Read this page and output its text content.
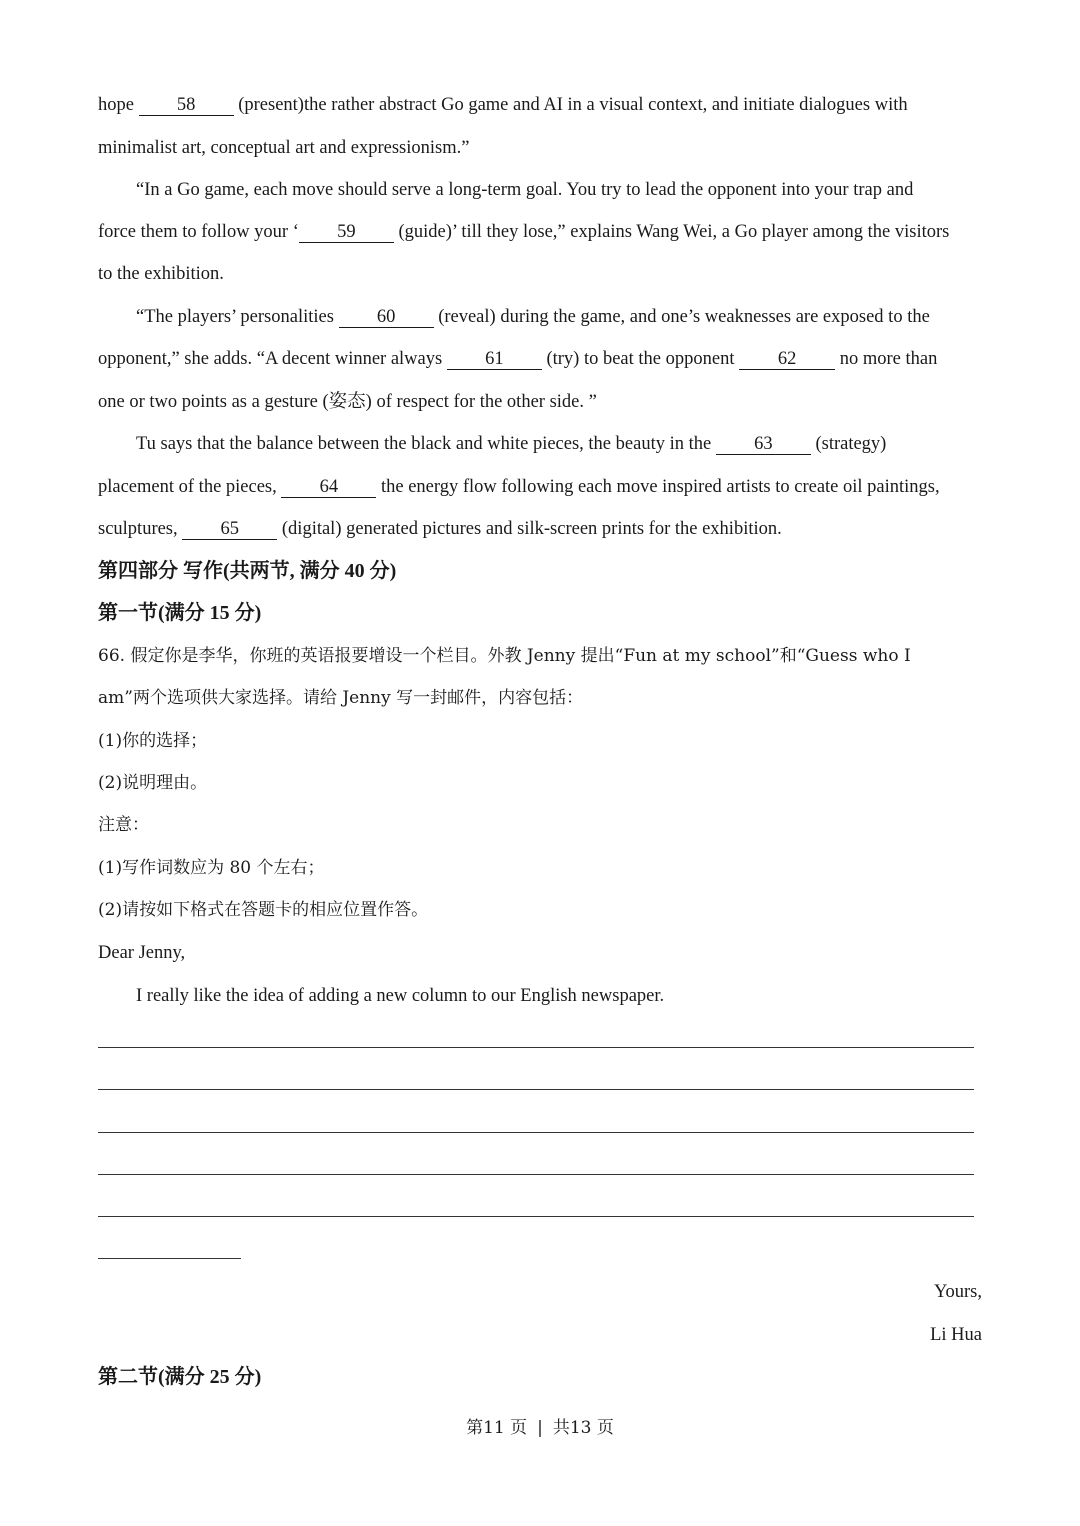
hope 58 (present)the rather abstract Go game and AI in a visual context, and initiate dialogues with
minimalist art, conceptual art and expressionism.”
“In a Go game, each move should serve a long-term goal. You try to lead the opponent into your trap and
force them to follow your ‘ 59 (guide)’ till they lose,” explains Wang Wei, a Go player among the visitors
to the exhibition.
“The players’ personalities 60 (reveal) during the game, and one’s weaknesses are exposed to the
opponent,” she adds. “A decent winner always 61 (try) to beat the opponent 62 no more than
one or two points as a gesture (姿态) of respect for the other side. ”
Tu says that the balance between the black and white pieces, the beauty in the 63 (strategy)
placement of the pieces, 64 the energy flow following each move inspired artists to create oil paintings,
sculptures, 65 (digital) generated pictures and silk-screen prints for the exhibition.
第四部分 写作(共两节, 满分 40 分)
第一节(满分 15 分)
66. 假定你是李华，你班的英语报要增设一个栏目。外教 Jenny 提出“Fun at my school”和“Guess who I
am”两个选项供大家选择。请给 Jenny 写一封邮件，内容包括：
(1)你的选择；
(2)说明理由。
注意：
(1)写作词数应为 80 个左右；
(2)请按如下格式在答题卡的相应位置作答。
Dear Jenny,
I really like the idea of adding a new column to our English newspaper.
Yours,
Li Hua
第二节(满分 25 分)
第11 页 | 共13 页
